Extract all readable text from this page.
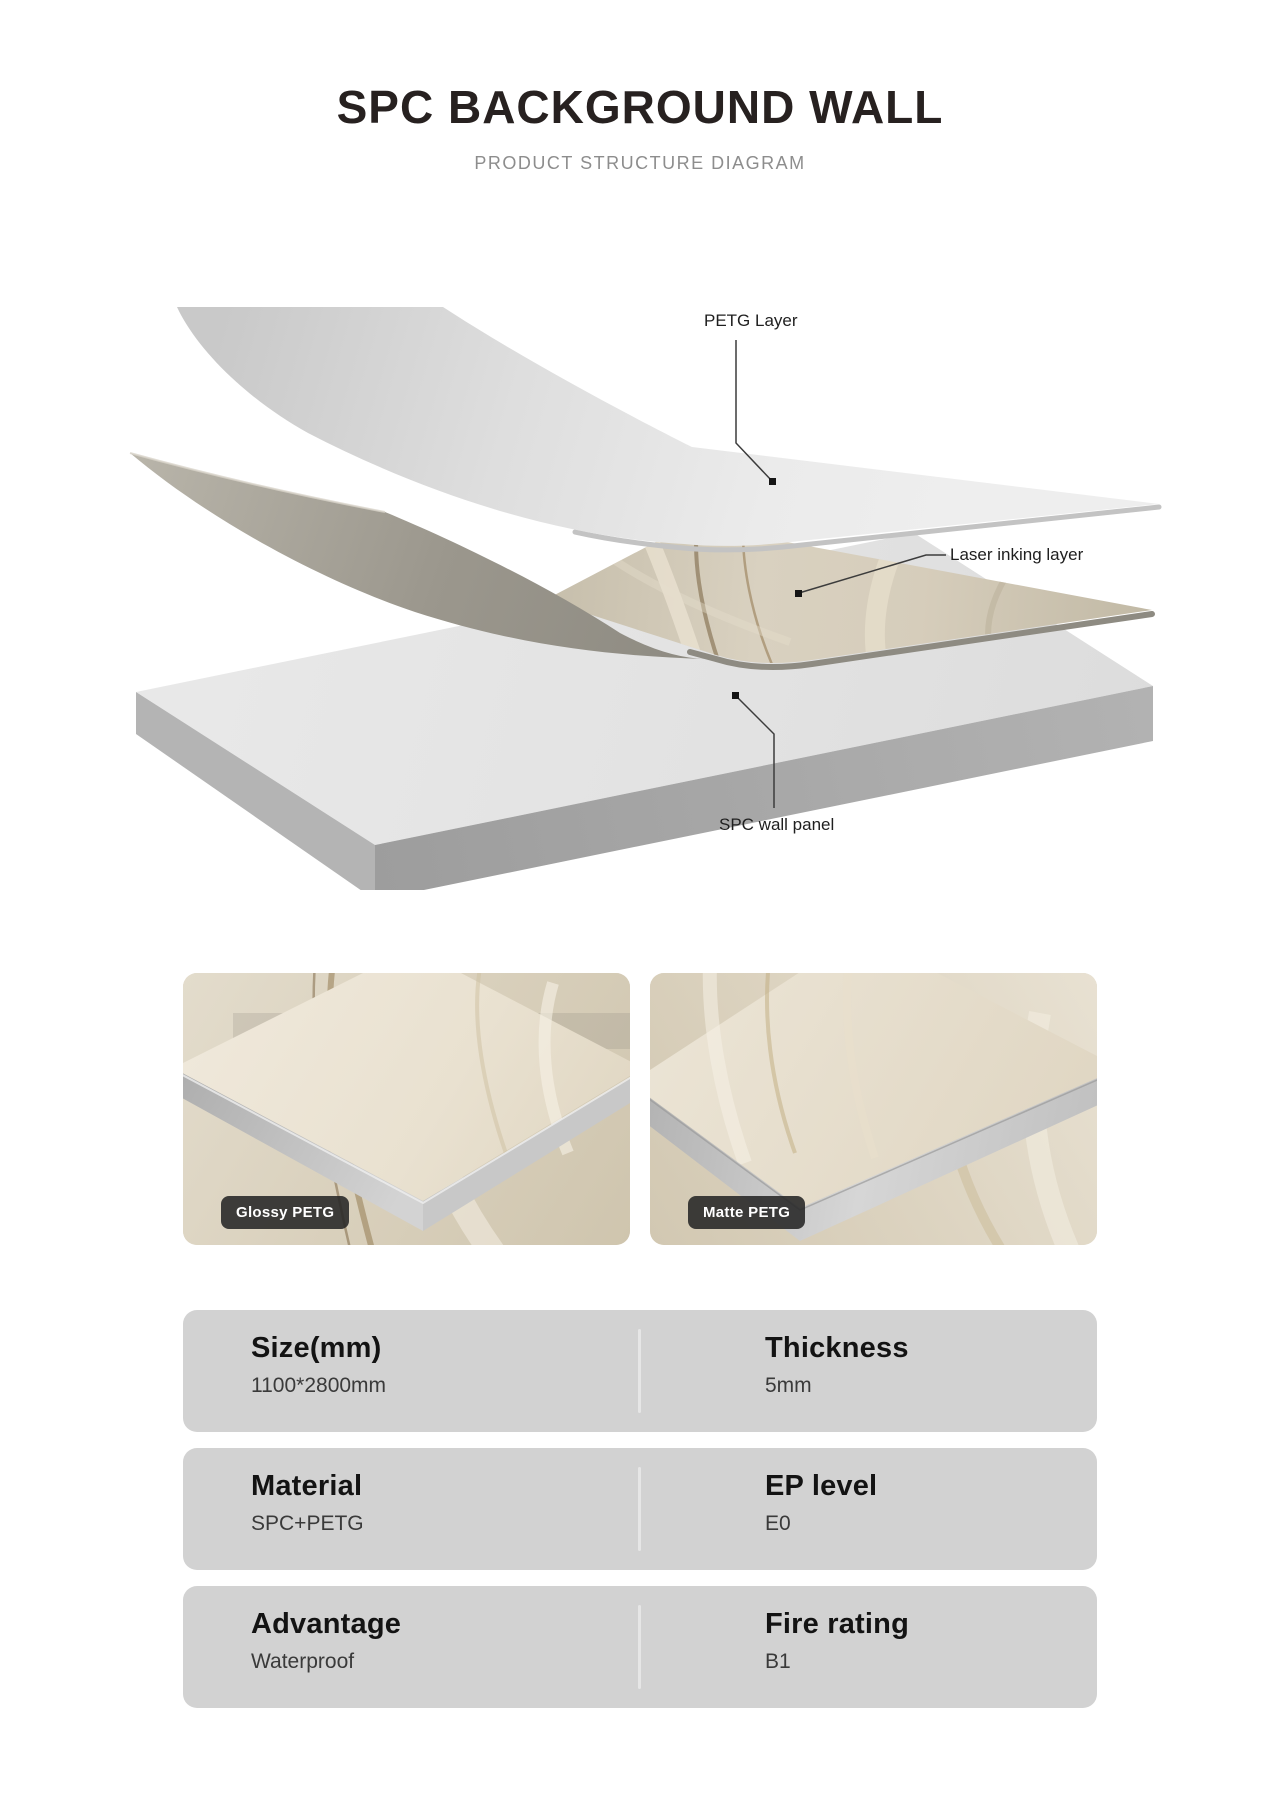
SPC BACKGROUND WALL
PRODUCT STRUCTURE DIAGRAM
PETG Layer
Laser inking layer
SPC wall panel
Glossy PETG	Matte PETG
Size(mm)
1100*2800mm
Thickness
5mm
Material
SPC+PETG
EP level
E0
Advantage
Waterproof
Fire rating
B1
